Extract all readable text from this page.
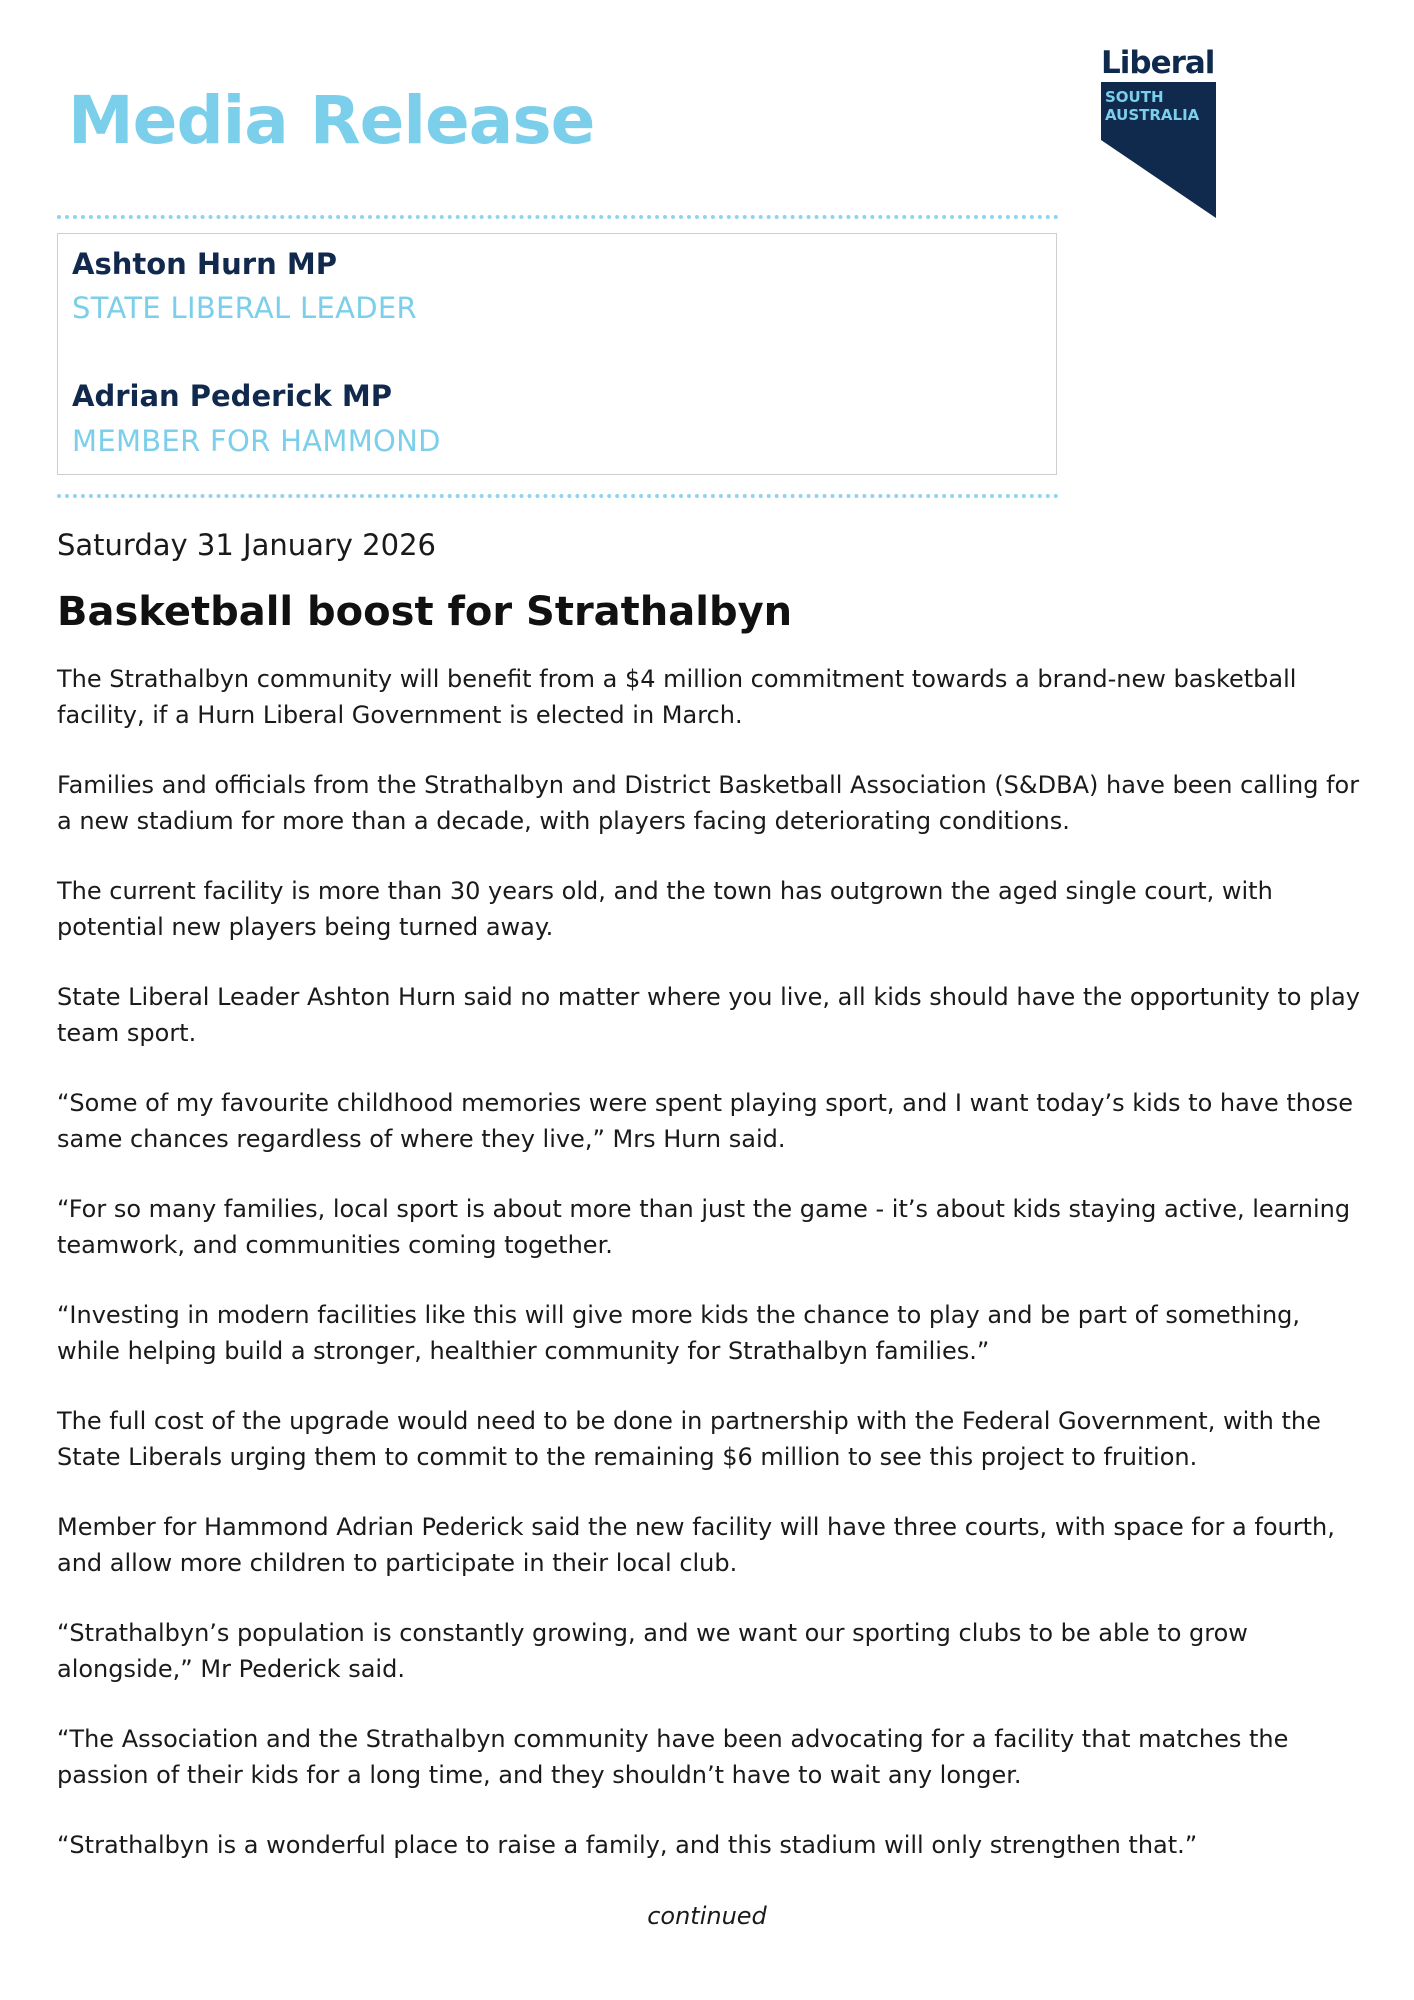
Media Release
Liberal
SOUTH
AUSTRALIA

Ashton Hurn MP

STATE LIBERAL LEADER

Adrian Pederick MP

MEMBER FOR HAMMOND

Saturday 31 January 2026

Basketball boost for Strathalbyn

The Strathalbyn community will benefit from a $4 million commitment towards a brand-new basketball facility, if a Hurn Liberal Government is elected in March.

Families and officials from the Strathalbyn and District Basketball Association (S&DBA) have been calling for a new stadium for more than a decade, with players facing deteriorating conditions.

The current facility is more than 30 years old, and the town has outgrown the aged single court, with potential new players being turned away.

State Liberal Leader Ashton Hurn said no matter where you live, all kids should have the opportunity to play team sport.

“Some of my favourite childhood memories were spent playing sport, and I want today’s kids to have those same chances regardless of where they live,” Mrs Hurn said.

“For so many families, local sport is about more than just the game - it’s about kids staying active, learning teamwork, and communities coming together.

“Investing in modern facilities like this will give more kids the chance to play and be part of something, while helping build a stronger, healthier community for Strathalbyn families.”

The full cost of the upgrade would need to be done in partnership with the Federal Government, with the State Liberals urging them to commit to the remaining $6 million to see this project to fruition.

Member for Hammond Adrian Pederick said the new facility will have three courts, with space for a fourth, and allow more children to participate in their local club.

“Strathalbyn’s population is constantly growing, and we want our sporting clubs to be able to grow alongside,” Mr Pederick said.

“The Association and the Strathalbyn community have been advocating for a facility that matches the passion of their kids for a long time, and they shouldn’t have to wait any longer.

“Strathalbyn is a wonderful place to raise a family, and this stadium will only strengthen that.”

continued
